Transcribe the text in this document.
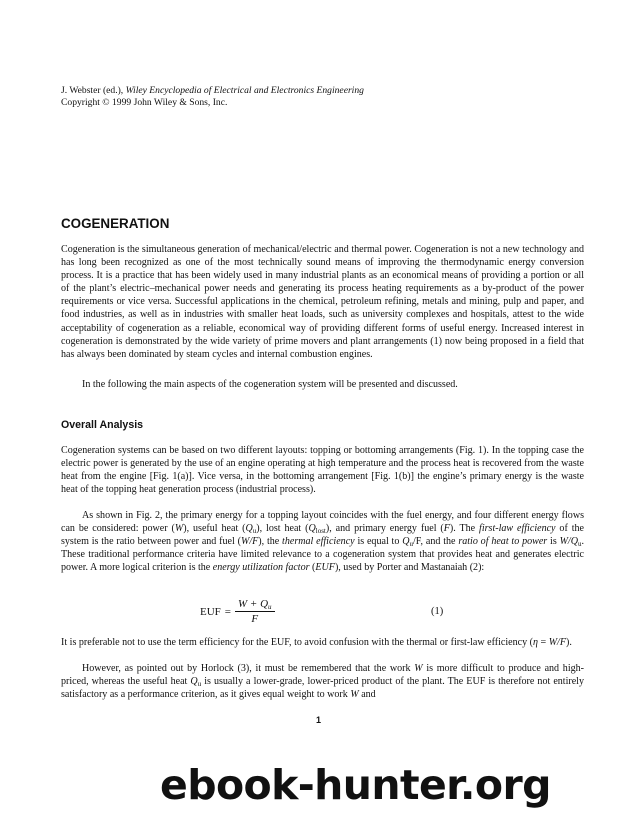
J. Webster (ed.), Wiley Encyclopedia of Electrical and Electronics Engineering
Copyright © 1999 John Wiley & Sons, Inc.
COGENERATION

Cogeneration is the simultaneous generation of mechanical/electric and thermal power. Cogeneration is not a new technology and has long been recognized as one of the most technically sound means of improving the thermodynamic energy conversion process. It is a practice that has been widely used in many industrial plants as an economical means of providing a portion or all of the plant’s electric–mechanical power needs and generating its process heating requirements as a by-product of the power requirements or vice versa. Successful applications in the chemical, petroleum refining, metals and mining, pulp and paper, and food industries, as well as in industries with smaller heat loads, such as university complexes and hospitals, attest to the wide acceptability of cogeneration as a reliable, economical way of providing different forms of useful energy. Increased interest in cogeneration is demonstrated by the wide variety of prime movers and plant arrangements (1) now being proposed in a field that has always been dominated by steam cycles and internal combustion engines.

In the following the main aspects of the cogeneration system will be presented and discussed.

Overall Analysis

Cogeneration systems can be based on two different layouts: topping or bottoming arrangements (Fig. 1). In the topping case the electric power is generated by the use of an engine operating at high temperature and the process heat is recovered from the waste heat from the engine [Fig. 1(a)]. Vice versa, in the bottoming arrangement [Fig. 1(b)] the engine’s primary energy is the waste heat of the topping heat generation process (industrial process).

As shown in Fig. 2, the primary energy for a topping layout coincides with the fuel energy, and four different energy flows can be considered: power (W), useful heat $(Q_u)$, lost heat $(Q_{lost})$, and primary energy fuel (F). The first-law efficiency of the system is the ratio between power and fuel (W/F), the thermal efficiency is equal to $Q_u/F$, and the ratio of heat to power is $W/Q_u$. These traditional performance criteria have limited relevance to a cogeneration system that provides heat and generates electric power. A more logical criterion is the energy utilization factor (EUF), used by Porter and Mastanaiah (2):

EUF = $\frac{W + Q_u}{F}$	(1)

It is preferable not to use the term efficiency for the EUF, to avoid confusion with the thermal or first-law efficiency (η = W/F).

However, as pointed out by Horlock (3), it must be remembered that the work W is more difficult to produce and high-priced, whereas the useful heat $Q_u$ is usually a lower-grade, lower-priced product of the plant. The EUF is therefore not entirely satisfactory as a performance criterion, as it gives equal weight to work W and

1
ebook-hunter.org
